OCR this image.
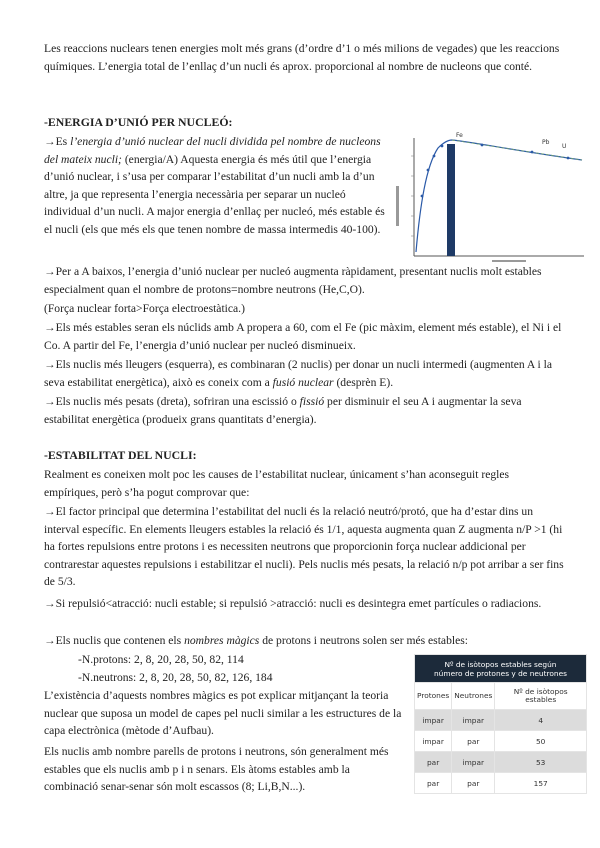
Les reaccions nuclears tenen energies molt més grans (d’ordre d’1 o més milions de vegades) que les reaccions químiques. L’energia total de l’enllaç d’un nucli és aprox. proporcional al nombre de nucleons que conté.

-ENERGIA D’UNIÓ PER NUCLEÓ:

→Es l’energia d’unió nuclear del nucli dividida pel nombre de nucleons del mateix nucli; (energia/A) Aquesta energia és més útil que l’energia d’unió nuclear, i s’usa per comparar l’estabilitat d’un nucli amb la d’un altre, ja que representa l’energia necessària per separar un nucleó individual d’un nucli. A major energia d’enllaç per nucleó, més estable és el nucli (els que més els que tenen nombre de massa intermedis 40-100).

Fe
U
Pb

→Per a A baixos, l’energia d’unió nuclear per nucleó augmenta ràpidament, presentant nuclis molt estables especialment quan el nombre de protons=nombre neutrons (He,C,O).

(Força nuclear forta>Força electroestàtica.)

→Els més estables seran els núclids amb A propera a 60, com el Fe (pic màxim, element més estable), el Ni i el Co. A partir del Fe, l’energia d’unió nuclear per nucleó disminueix.

→Els nuclis més lleugers (esquerra), es combinaran (2 nuclis) per donar un nucli intermedi (augmenten A i la seva estabilitat energètica), això es coneix com a fusió nuclear (desprèn E).

→Els nuclis més pesats (dreta), sofriran una escissió o fissió per disminuir el seu A i augmentar la seva estabilitat energètica (produeix grans quantitats d’energia).

-ESTABILITAT DEL NUCLI:

Realment es coneixen molt poc les causes de l’estabilitat nuclear, únicament s’han aconseguit regles empíriques, però s’ha pogut comprovar que:

→El factor principal que determina l’estabilitat del nucli és la relació neutró/protó, que ha d’estar dins un interval específic. En elements lleugers estables la relació és 1/1, aquesta augmenta quan Z augmenta n/P >1 (hi ha fortes repulsions entre protons i es necessiten neutrons que proporcionin força nuclear addicional per contrarestar aquestes repulsions i estabilitzar el nucli). Pels nuclis més pesats, la relació n/p pot arribar a ser fins de 5/3.

→Si repulsió<atracció: nucli estable; si repulsió >atracció: nucli es desintegra emet partícules o radiacions.

→Els nuclis que contenen els nombres màgics de protons i neutrons solen ser més estables:

-N.protons: 2, 8, 20, 28, 50, 82, 114

-N.neutrons: 2, 8, 20, 28, 50, 82, 126, 184

L’existència d’aquests nombres màgics es pot explicar mitjançant la teoria nuclear que suposa un model de capes pel nucli similar a les estructures de la capa electrònica (mètode d’Aufbau).

Els nuclis amb nombre parells de protons i neutrons, són generalment més estables que els nuclis amb p i n senars. Els àtoms estables amb la combinació senar-senar són molt escassos (8; Li,B,N...).

Nº de isòtopos estables según
número de protones y de neutrones		
Protones	Neutrones	Nº de isòtopos estables
impar	impar	4
impar	par	50
par	impar	53
par	par	157
